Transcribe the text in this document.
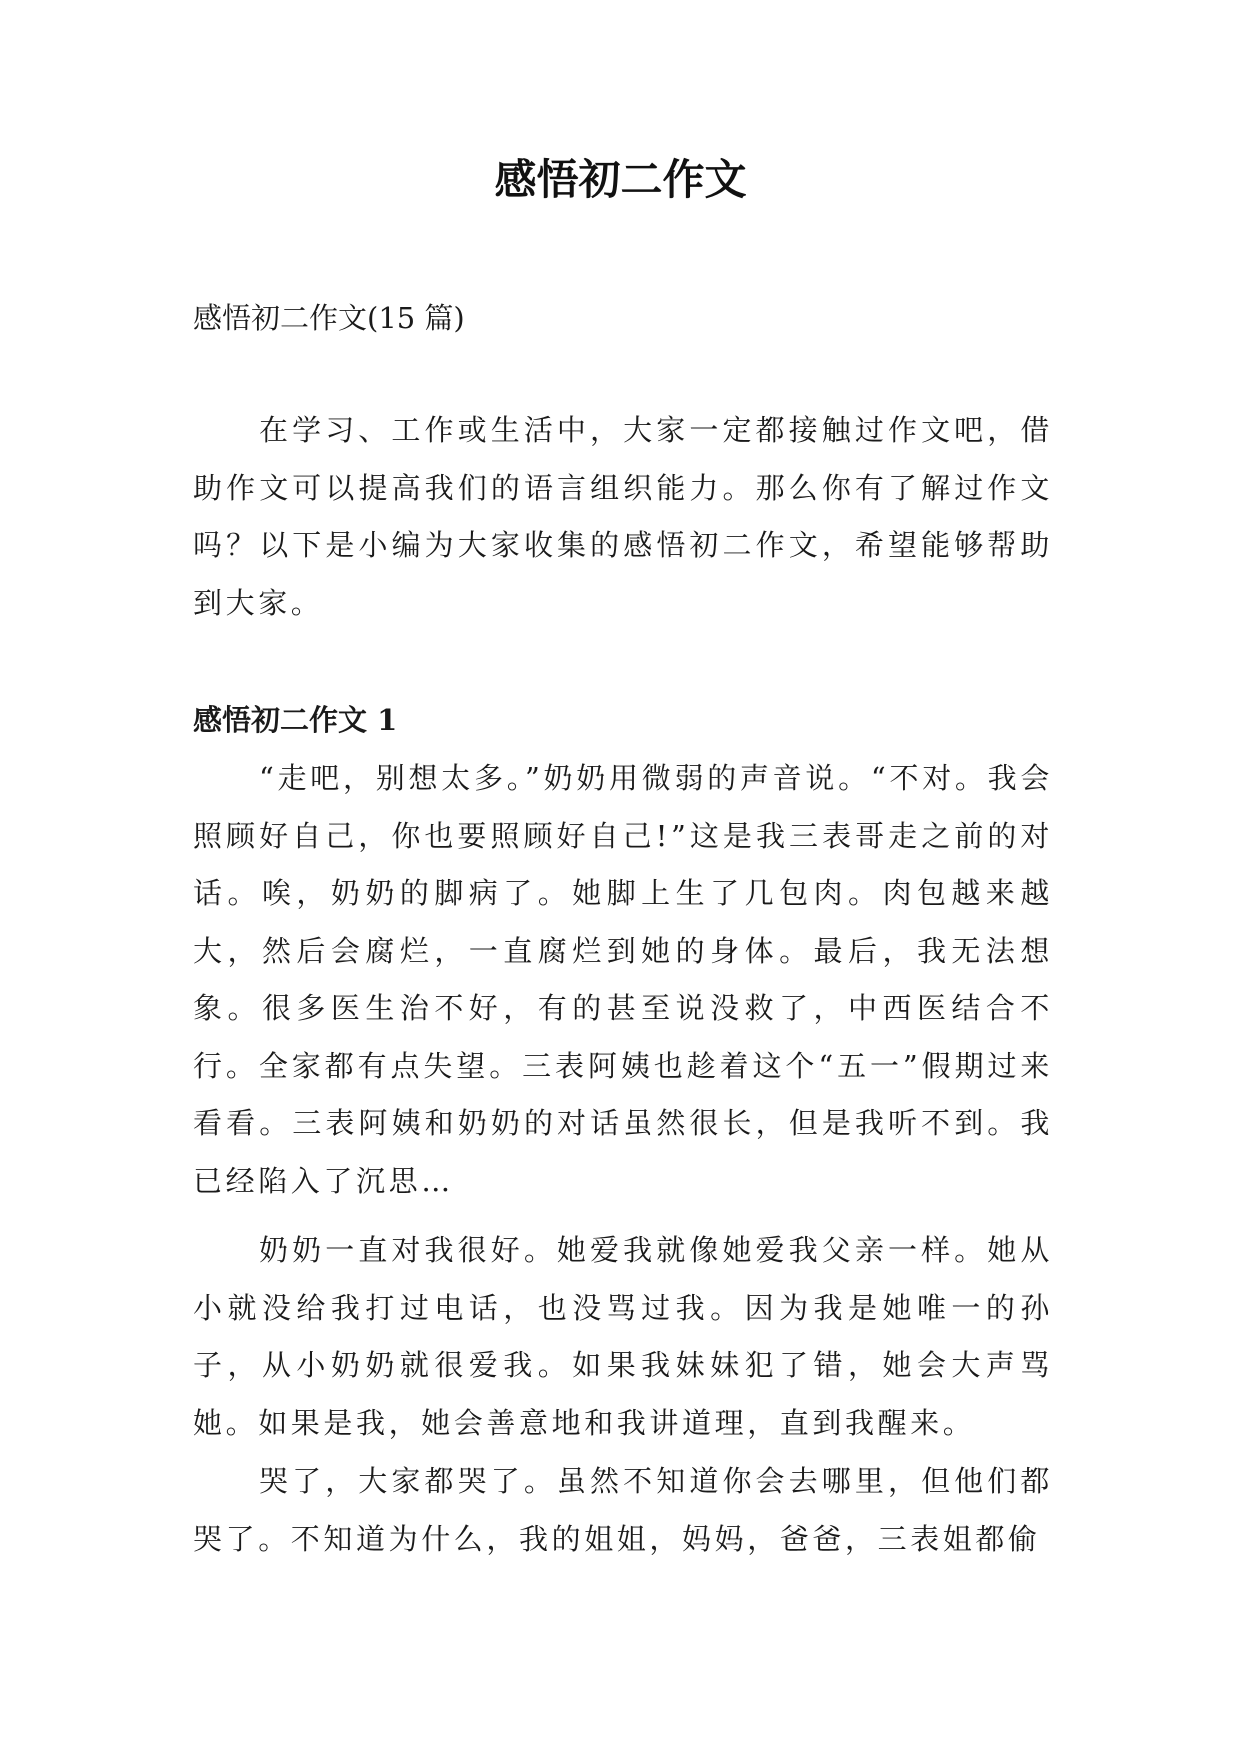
感悟初二作文

感悟初二作文(15 篇)

在学习、工作或生活中，大家一定都接触过作文吧，借助作文可以提高我们的语言组织能力。那么你有了解过作文吗？以下是小编为大家收集的感悟初二作文，希望能够帮助到大家。

感悟初二作文 1

“走吧，别想太多。”奶奶用微弱的声音说。“不对。我会照顾好自己，你也要照顾好自己!”这是我三表哥走之前的对话。唉，奶奶的脚病了。她脚上生了几包肉。肉包越来越大，然后会腐烂，一直腐烂到她的身体。最后，我无法想象。很多医生治不好，有的甚至说没救了，中西医结合不行。全家都有点失望。三表阿姨也趁着这个“五一”假期过来看看。三表阿姨和奶奶的对话虽然很长，但是我听不到。我已经陷入了沉思…

奶奶一直对我很好。她爱我就像她爱我父亲一样。她从小就没给我打过电话，也没骂过我。因为我是她唯一的孙子，从小奶奶就很爱我。如果我妹妹犯了错，她会大声骂她。如果是我，她会善意地和我讲道理，直到我醒来。

哭了，大家都哭了。虽然不知道你会去哪里，但他们都哭了。不知道为什么，我的姐姐，妈妈，爸爸，三表姐都偷
